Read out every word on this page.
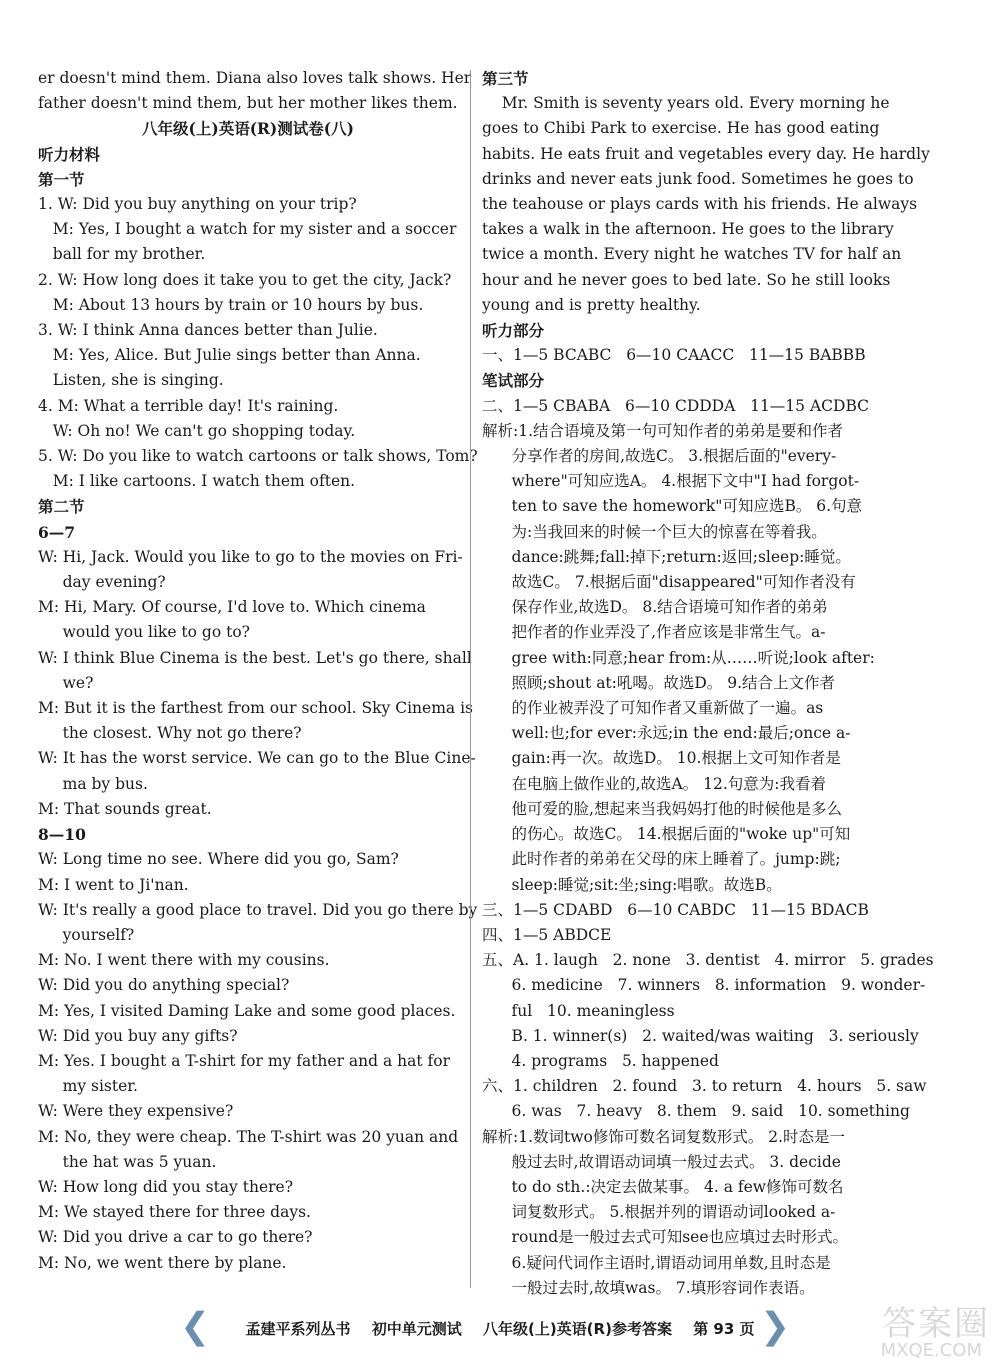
er doesn't mind them. Diana also loves talk shows. Her
father doesn't mind them, but her mother likes them.
八年级(上)英语(R)测试卷(八)
听力材料
第一节
1. W: Did you buy anything on your trip?
M: Yes, I bought a watch for my sister and a soccer
ball for my brother.
2. W: How long does it take you to get the city, Jack?
M: About 13 hours by train or 10 hours by bus.
3. W: I think Anna dances better than Julie.
M: Yes, Alice. But Julie sings better than Anna.
Listen, she is singing.
4. M: What a terrible day! It's raining.
W: Oh no! We can't go shopping today.
5. W: Do you like to watch cartoons or talk shows, Tom?
M: I like cartoons. I watch them often.
第二节
6—7
W: Hi, Jack. Would you like to go to the movies on Fri-
day evening?
M: Hi, Mary. Of course, I'd love to. Which cinema
would you like to go to?
W: I think Blue Cinema is the best. Let's go there, shall
we?
M: But it is the farthest from our school. Sky Cinema is
the closest. Why not go there?
W: It has the worst service. We can go to the Blue Cine-
ma by bus.
M: That sounds great.
8—10
W: Long time no see. Where did you go, Sam?
M: I went to Ji'nan.
W: It's really a good place to travel. Did you go there by
yourself?
M: No. I went there with my cousins.
W: Did you do anything special?
M: Yes, I visited Daming Lake and some good places.
W: Did you buy any gifts?
M: Yes. I bought a T-shirt for my father and a hat for
my sister.
W: Were they expensive?
M: No, they were cheap. The T-shirt was 20 yuan and
the hat was 5 yuan.
W: How long did you stay there?
M: We stayed there for three days.
W: Did you drive a car to go there?
M: No, we went there by plane.
第三节
Mr. Smith is seventy years old. Every morning he
goes to Chibi Park to exercise. He has good eating
habits. He eats fruit and vegetables every day. He hardly
drinks and never eats junk food. Sometimes he goes to
the teahouse or plays cards with his friends. He always
takes a walk in the afternoon. He goes to the library
twice a month. Every night he watches TV for half an
hour and he never goes to bed late. So he still looks
young and is pretty healthy.
听力部分
一、1—5 BCABC   6—10 CAACC   11—15 BABBB
笔试部分
二、1—5 CBABA   6—10 CDDDA   11—15 ACDBC
解析:1.结合语境及第一句可知作者的弟弟是要和作者
分享作者的房间,故选C。 3.根据后面的"every-
where"可知应选A。 4.根据下文中"I had forgot-
ten to save the homework"可知应选B。 6.句意
为:当我回来的时候一个巨大的惊喜在等着我。
dance:跳舞;fall:掉下;return:返回;sleep:睡觉。
故选C。 7.根据后面"disappeared"可知作者没有
保存作业,故选D。 8.结合语境可知作者的弟弟
把作者的作业弄没了,作者应该是非常生气。a-
gree with:同意;hear from:从……听说;look after:
照顾;shout at:吼喝。故选D。 9.结合上文作者
的作业被弄没了可知作者又重新做了一遍。as
well:也;for ever:永远;in the end:最后;once a-
gain:再一次。故选D。 10.根据上文可知作者是
在电脑上做作业的,故选A。 12.句意为:我看着
他可爱的脸,想起来当我妈妈打他的时候他是多么
的伤心。故选C。 14.根据后面的"woke up"可知
此时作者的弟弟在父母的床上睡着了。jump:跳;
sleep:睡觉;sit:坐;sing:唱歌。故选B。
三、1—5 CDABD   6—10 CABDC   11—15 BDACB
四、1—5 ABDCE
五、A. 1. laugh   2. none   3. dentist   4. mirror   5. grades
6. medicine   7. winners   8. information   9. wonder-
ful   10. meaningless
B. 1. winner(s)   2. waited/was waiting   3. seriously
4. programs   5. happened
六、1. children   2. found   3. to return   4. hours   5. saw
6. was   7. heavy   8. them   9. said   10. something
解析:1.数词two修饰可数名词复数形式。 2.时态是一
般过去时,故谓语动词填一般过去式。 3. decide
to do sth.:决定去做某事。 4. a few修饰可数名
词复数形式。 5.根据并列的谓语动词looked a-
round是一般过去式可知see也应填过去时形式。
6.疑问代词作主语时,谓语动词用单数,且时态是
一般过去时,故填was。 7.填形容词作表语。
❮	❯
孟建平系列丛书 初中单元测试 八年级(上)英语(R)参考答案 第 93 页	答案圈
MXQE.COM
